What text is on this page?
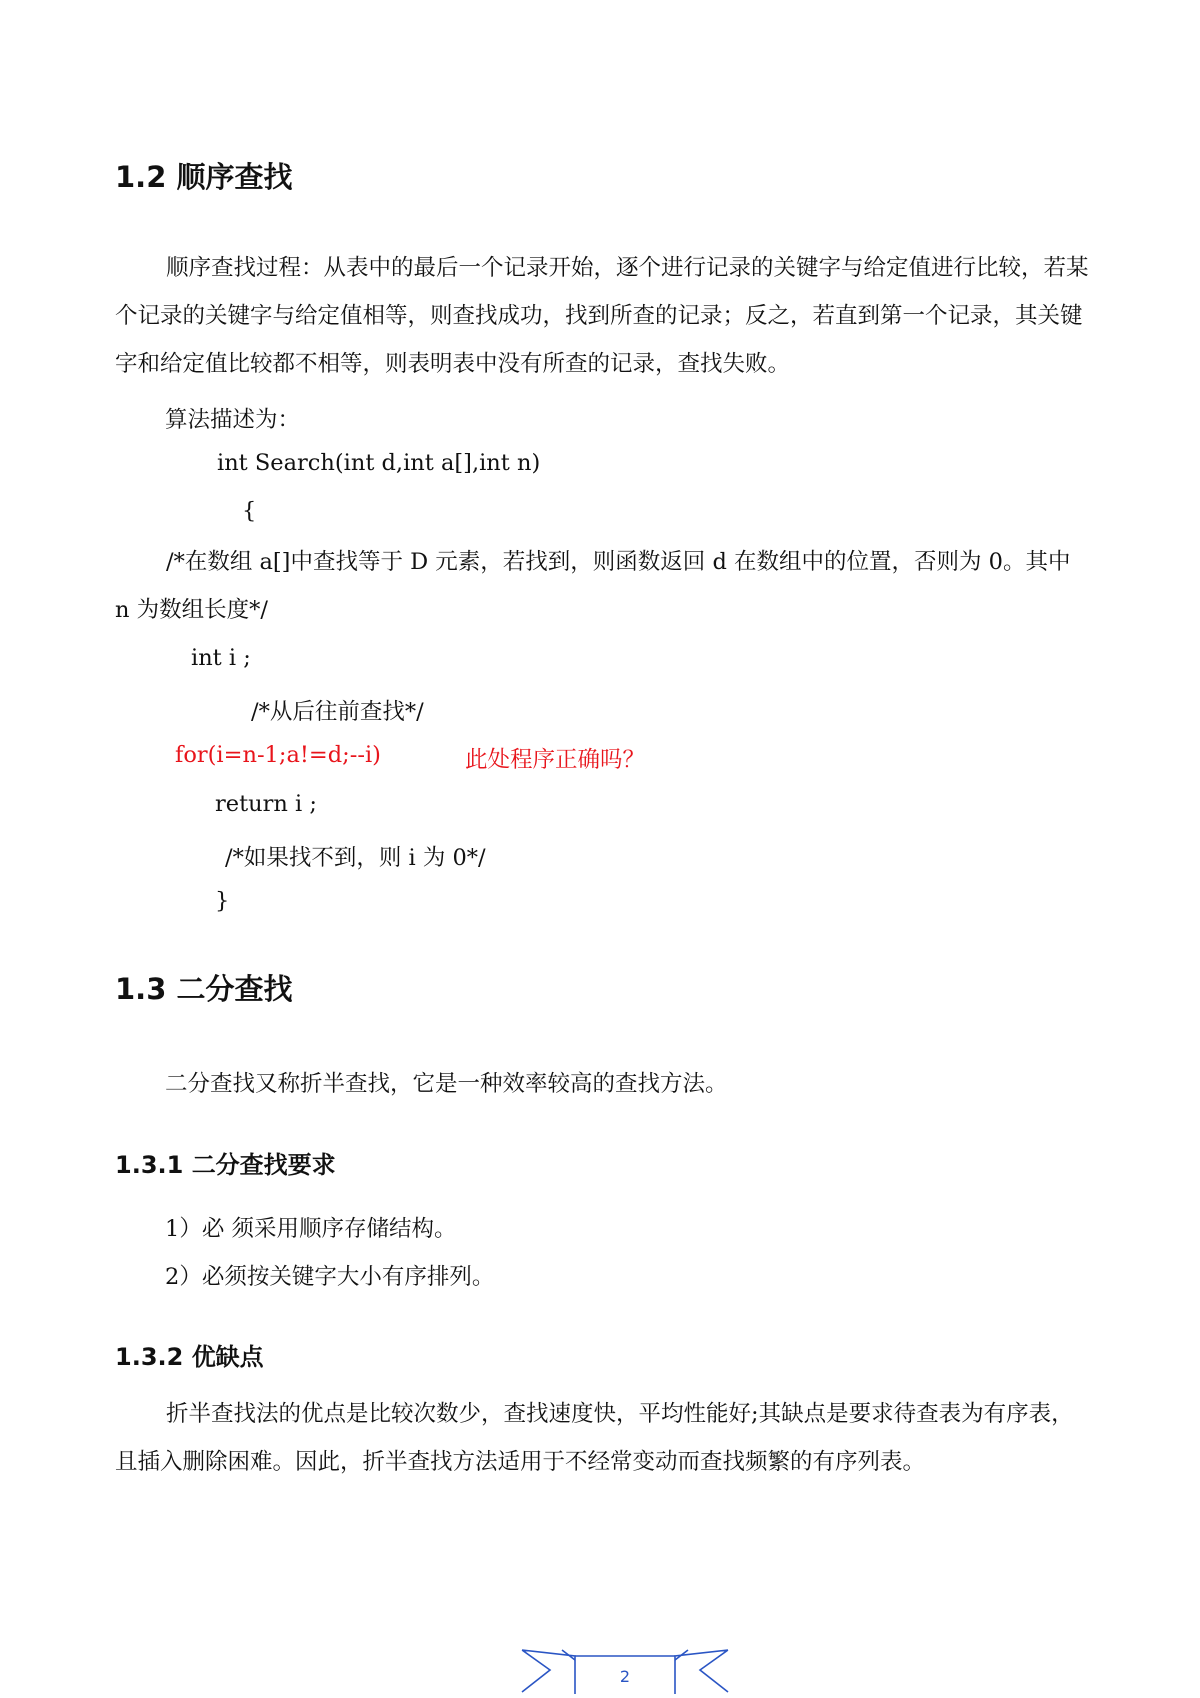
1.2 顺序查找

顺序查找过程：从表中的最后一个记录开始，逐个进行记录的关键字与给定值进行比较，若某个记录的关键字与给定值相等，则查找成功，找到所查的记录；反之，若直到第一个记录，其关键字和给定值比较都不相等，则表明表中没有所查的记录，查找失败。

算法描述为：
int Search(int d,int a[],int n)
{

/*在数组 a[]中查找等于 D 元素，若找到，则函数返回 d 在数组中的位置，否则为 0。其中 n 为数组长度*/

int i ;
/*从后往前查找*/
for(i=n-1;a!=d;--i)	此处程序正确吗？
return i ;
/*如果找不到，则 i 为 0*/
}
1.3 二分查找
二分查找又称折半查找，它是一种效率较高的查找方法。
1.3.1 二分查找要求
1）必 须采用顺序存储结构。
2）必须按关键字大小有序排列。
1.3.2 优缺点

折半查找法的优点是比较次数少，查找速度快，平均性能好;其缺点是要求待查表为有序表，且插入删除困难。因此，折半查找方法适用于不经常变动而查找频繁的有序列表。

2
